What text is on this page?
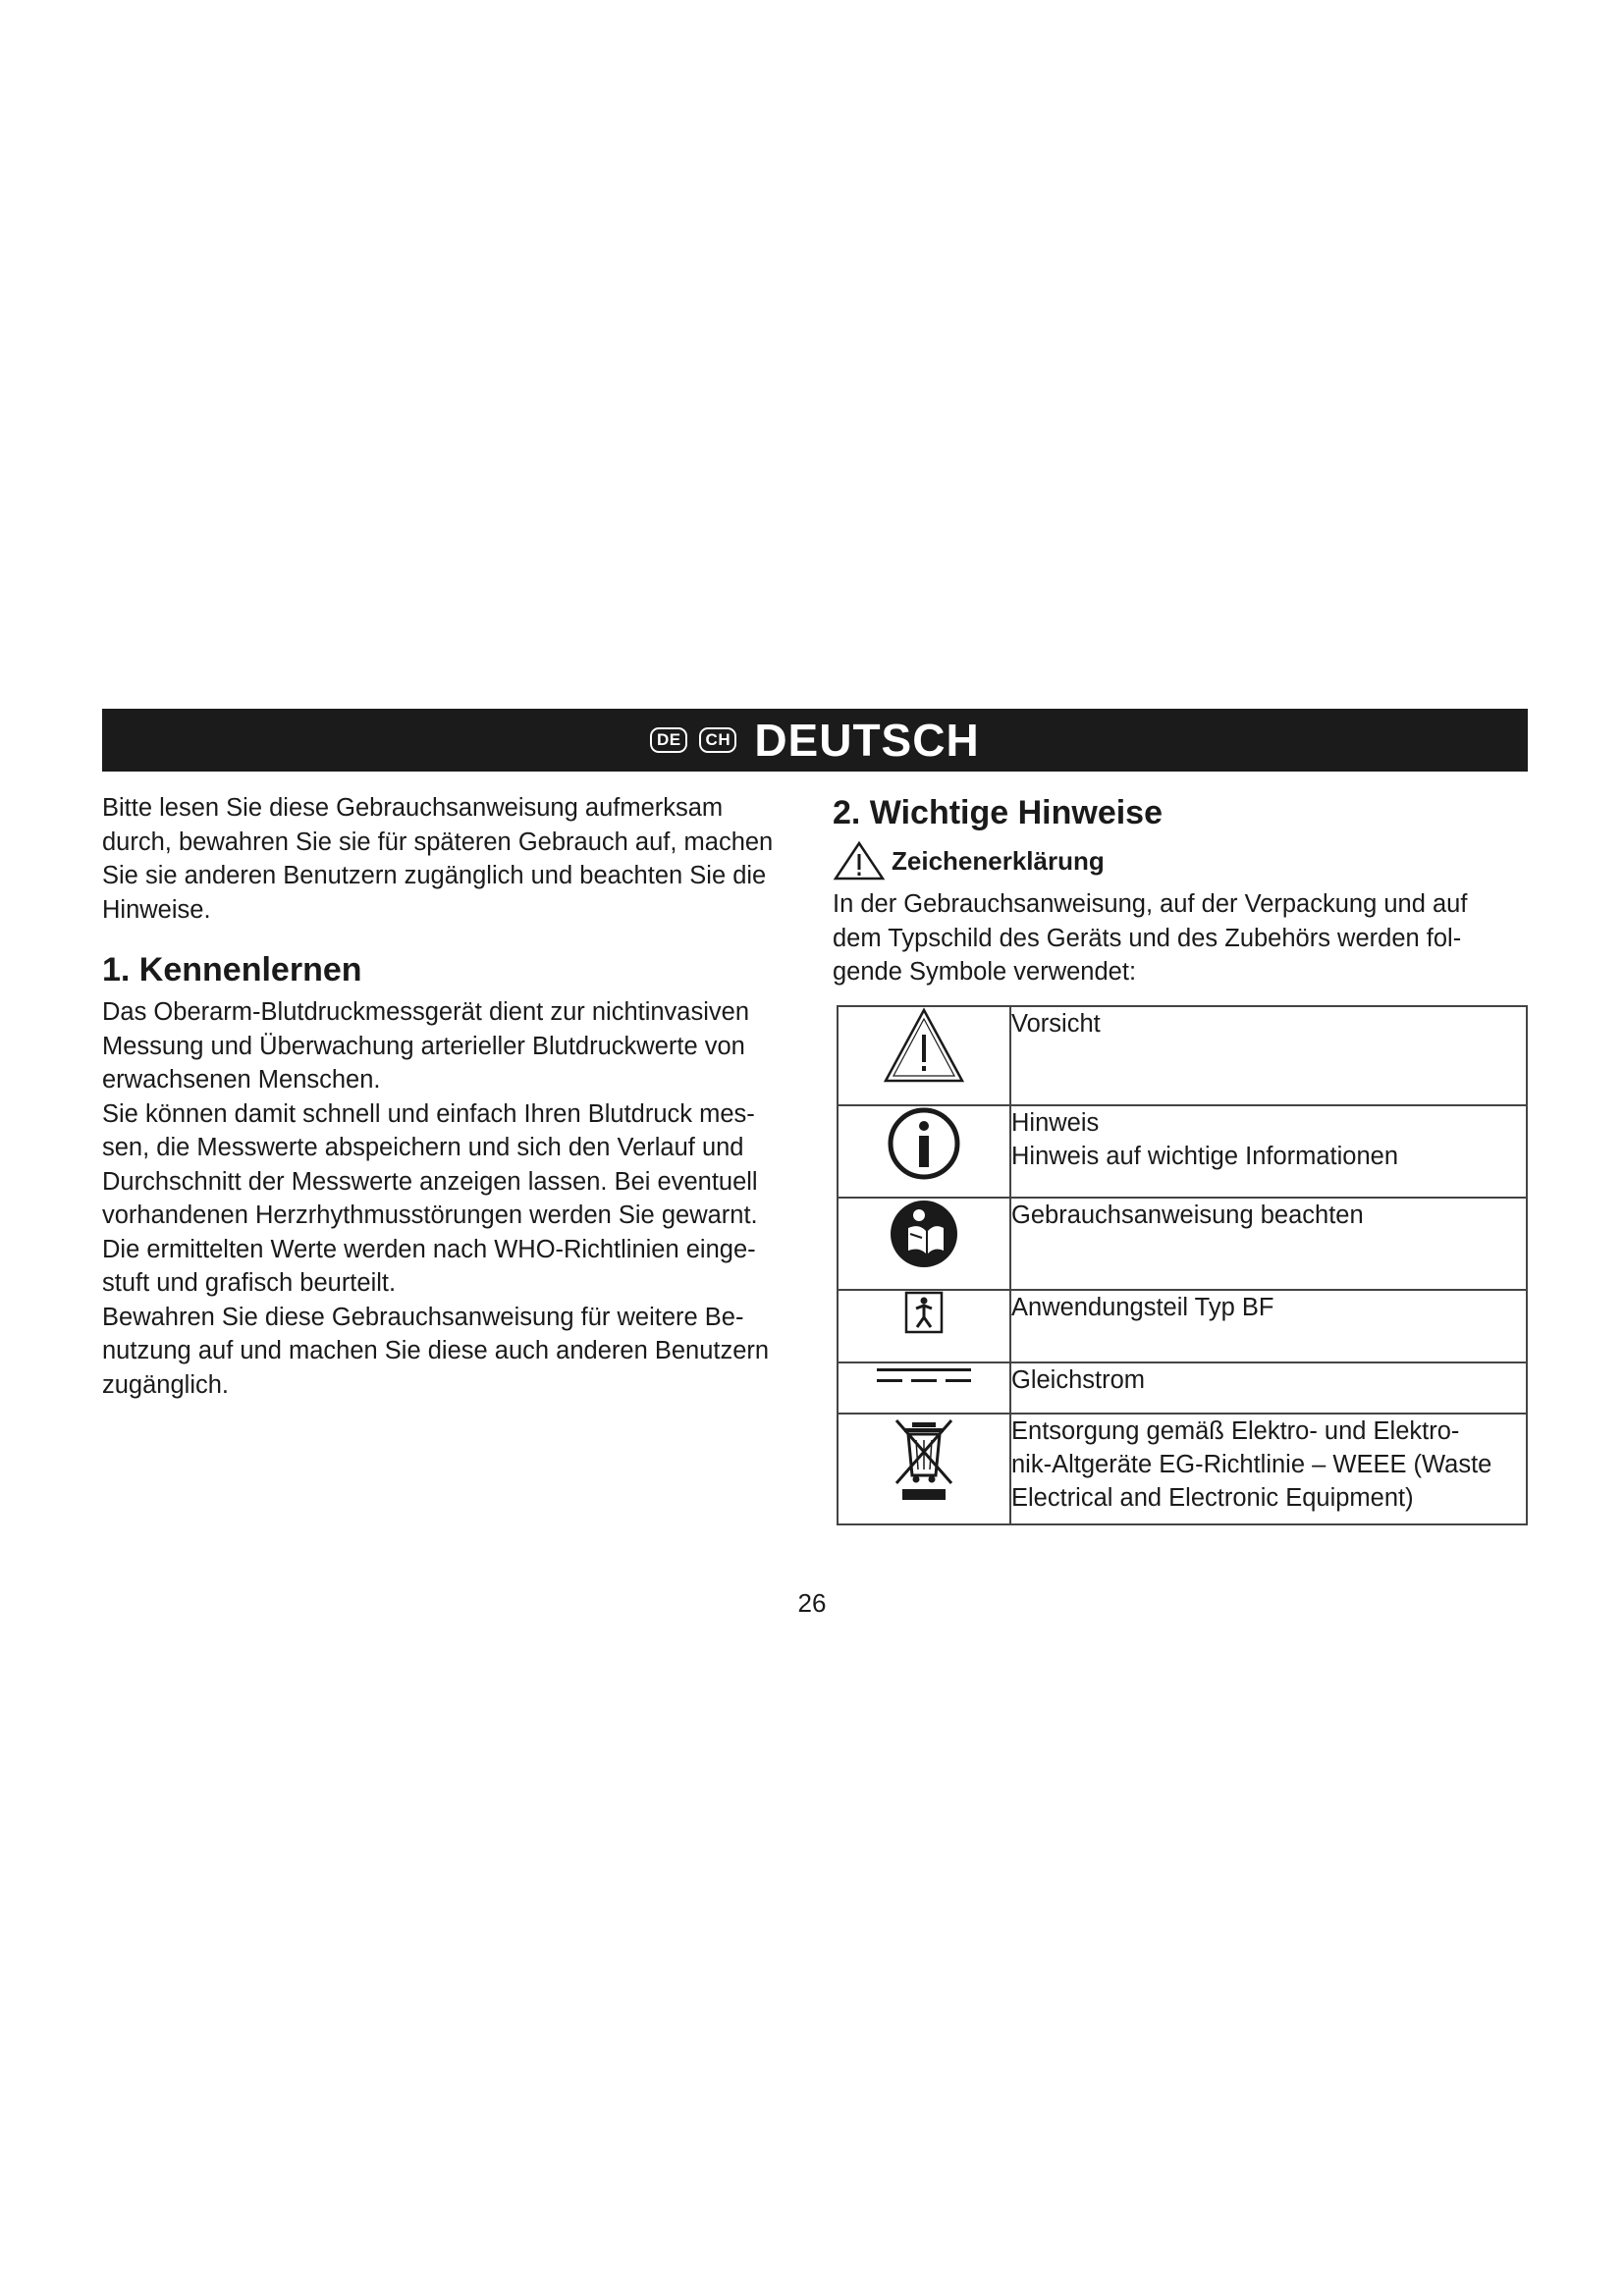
DE	CH DEUTSCH

Bitte lesen Sie diese Gebrauchsanweisung aufmerksam

durch, bewahren Sie sie für späteren Gebrauch auf, machen

Sie sie anderen Benutzern zugänglich und beachten Sie die

Hinweise.

1. Kennenlernen

Das Oberarm-Blutdruckmessgerät dient zur nichtinvasiven

Messung und Überwachung arterieller Blutdruckwerte von

erwachsenen Menschen.

Sie können damit schnell und einfach Ihren Blutdruck mes-

sen, die Messwerte abspeichern und sich den Verlauf und

Durchschnitt der Messwerte anzeigen lassen. Bei eventuell

vorhandenen Herzrhythmusstörungen werden Sie gewarnt.

Die ermittelten Werte werden nach WHO-Richtlinien einge-

stuft und grafisch beurteilt.

Bewahren Sie diese Gebrauchsanweisung für weitere Be-

nutzung auf und machen Sie diese auch anderen Benutzern

zugänglich.

2. Wichtige Hinweise
Zeichenerklärung

In der Gebrauchsanweisung, auf der Verpackung und auf

dem Typschild des Geräts und des Zubehörs werden fol-

gende Symbole verwendet:

Vorsicht

Hinweis
Hinweis auf wichtige Informationen

Gebrauchsanweisung beachten

Anwendungsteil Typ BF

Gleichstrom

Entsorgung gemäß Elektro- und Elektro-
nik-Altgeräte EG-Richtlinie – WEEE (Waste
Electrical and Electronic Equipment)
26
